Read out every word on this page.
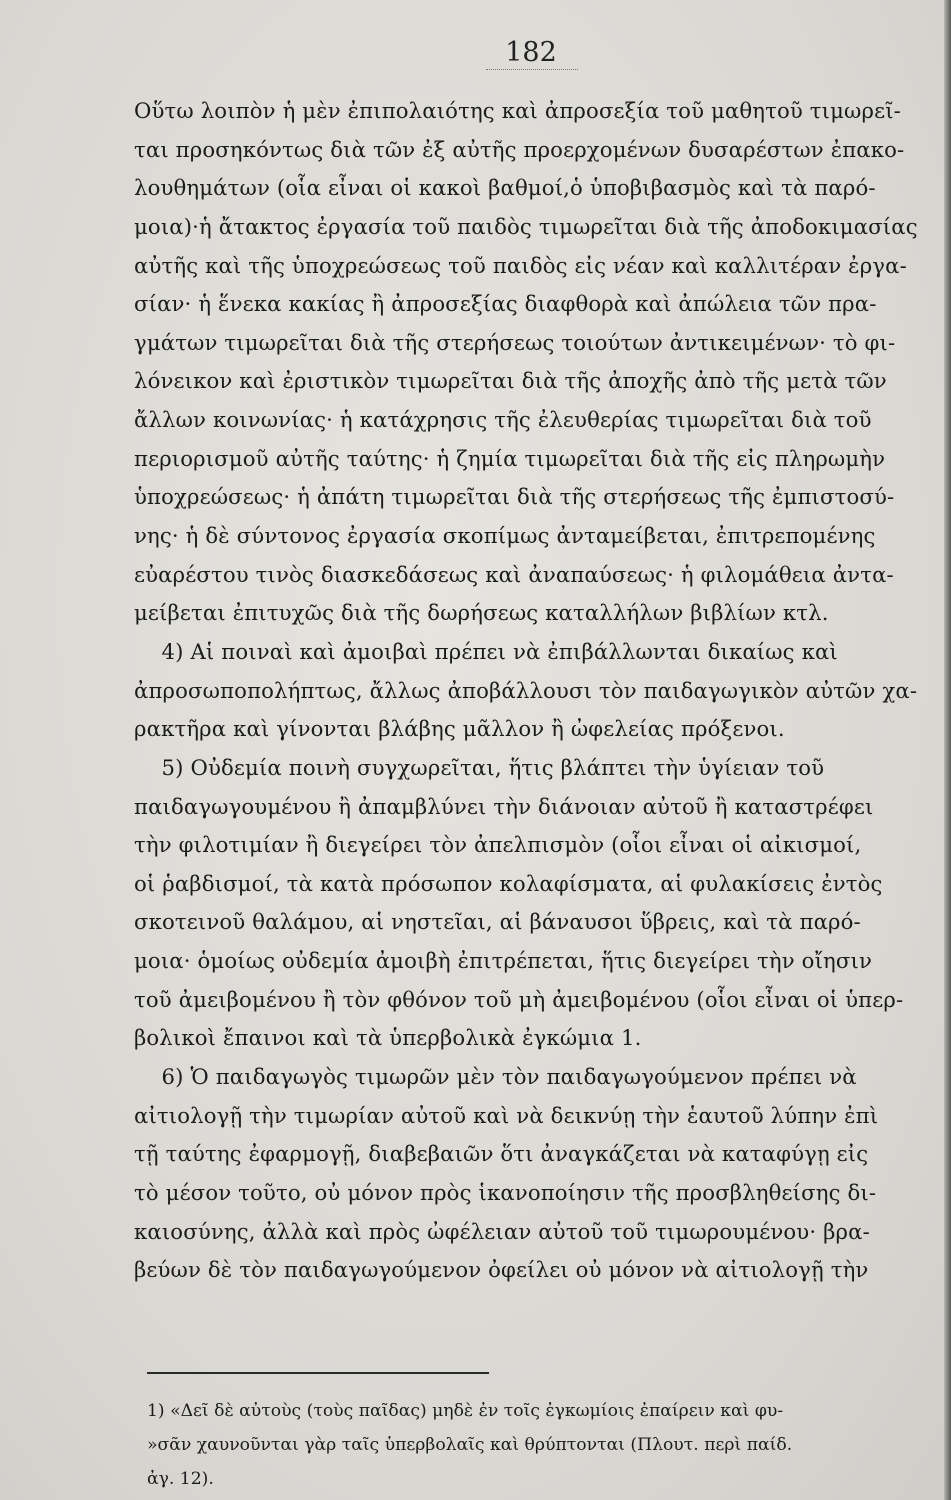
182
Οὕτω λοιπὸν ἡ μὲν ἐπιπολαιότης καὶ ἀπροσεξία τοῦ μαθητοῦ τιμωρεῖ-
ται προσηκόντως διὰ τῶν ἐξ αὐτῆς προερχομένων δυσαρέστων ἐπακο-
λουθημάτων (οἷα εἶναι οἱ κακοὶ βαθμοί,ὁ ὑποβιβασμὸς καὶ τὰ παρό-
μοια)·ἡ ἄτακτος ἐργασία τοῦ παιδὸς τιμωρεῖται διὰ τῆς ἀποδοκιμασίας
αὐτῆς καὶ τῆς ὑποχρεώσεως τοῦ παιδὸς εἰς νέαν καὶ καλλιτέραν ἐργα-
σίαν· ἡ ἕνεκα κακίας ἢ ἀπροσεξίας διαφθορὰ καὶ ἀπώλεια τῶν πρα-
γμάτων τιμωρεῖται διὰ τῆς στερήσεως τοιούτων ἀντικειμένων· τὸ φι-
λόνεικον καὶ ἐριστικὸν τιμωρεῖται διὰ τῆς ἀποχῆς ἀπὸ τῆς μετὰ τῶν
ἄλλων κοινωνίας· ἡ κατάχρησις τῆς ἐλευθερίας τιμωρεῖται διὰ τοῦ
περιορισμοῦ αὐτῆς ταύτης· ἡ ζημία τιμωρεῖται διὰ τῆς εἰς πληρωμὴν
ὑποχρεώσεως· ἡ ἀπάτη τιμωρεῖται διὰ τῆς στερήσεως τῆς ἐμπιστοσύ-
νης· ἡ δὲ σύντονος ἐργασία σκοπίμως ἀνταμείβεται, ἐπιτρεπομένης
εὐαρέστου τινὸς διασκεδάσεως καὶ ἀναπαύσεως· ἡ φιλομάθεια ἀντα-
μείβεται ἐπιτυχῶς διὰ τῆς δωρήσεως καταλλήλων βιβλίων κτλ.
4) Αἱ ποιναὶ καὶ ἀμοιβαὶ πρέπει νὰ ἐπιβάλλωνται δικαίως καὶ
ἀπροσωποπολήπτως, ἄλλως ἀποβάλλουσι τὸν παιδαγωγικὸν αὐτῶν χα-
ρακτῆρα καὶ γίνονται βλάβης μᾶλλον ἢ ὠφελείας πρόξενοι.
5) Οὐδεμία ποινὴ συγχωρεῖται, ἥτις βλάπτει τὴν ὑγίειαν τοῦ
παιδαγωγουμένου ἢ ἀπαμβλύνει τὴν διάνοιαν αὐτοῦ ἢ καταστρέφει
τὴν φιλοτιμίαν ἢ διεγείρει τὸν ἀπελπισμὸν (οἷοι εἶναι οἱ αἰκισμοί,
οἱ ῥαβδισμοί, τὰ κατὰ πρόσωπον κολαφίσματα, αἱ φυλακίσεις ἐντὸς
σκοτεινοῦ θαλάμου, αἱ νηστεῖαι, αἱ βάναυσοι ὕβρεις, καὶ τὰ παρό-
μοια· ὁμοίως οὐδεμία ἀμοιβὴ ἐπιτρέπεται, ἥτις διεγείρει τὴν οἴησιν
τοῦ ἀμειβομένου ἢ τὸν φθόνον τοῦ μὴ ἀμειβομένου (οἷοι εἶναι οἱ ὑπερ-
βολικοὶ ἔπαινοι καὶ τὰ ὑπερβολικὰ ἐγκώμια 1.
6) Ὁ παιδαγωγὸς τιμωρῶν μὲν τὸν παιδαγωγούμενον πρέπει νὰ
αἰτιολογῇ τὴν τιμωρίαν αὐτοῦ καὶ νὰ δεικνύῃ τὴν ἑαυτοῦ λύπην ἐπὶ
τῇ ταύτης ἐφαρμογῇ, διαβεβαιῶν ὅτι ἀναγκάζεται νὰ καταφύγῃ εἰς
τὸ μέσον τοῦτο, οὐ μόνον πρὸς ἱκανοποίησιν τῆς προσβληθείσης δι-
καιοσύνης, ἀλλὰ καὶ πρὸς ὠφέλειαν αὐτοῦ τοῦ τιμωρουμένου· βρα-
βεύων δὲ τὸν παιδαγωγούμενον ὀφείλει οὐ μόνον νὰ αἰτιολογῇ τὴν
1) «Δεῖ δὲ αὐτοὺς (τοὺς παῖδας) μηδὲ ἐν τοῖς ἐγκωμίοις ἐπαίρειν καὶ φυ-
»σᾶν χαυνοῦνται γὰρ ταῖς ὑπερβολαῖς καὶ θρύπτονται (Πλουτ. περὶ παίδ.
ἀγ. 12).
